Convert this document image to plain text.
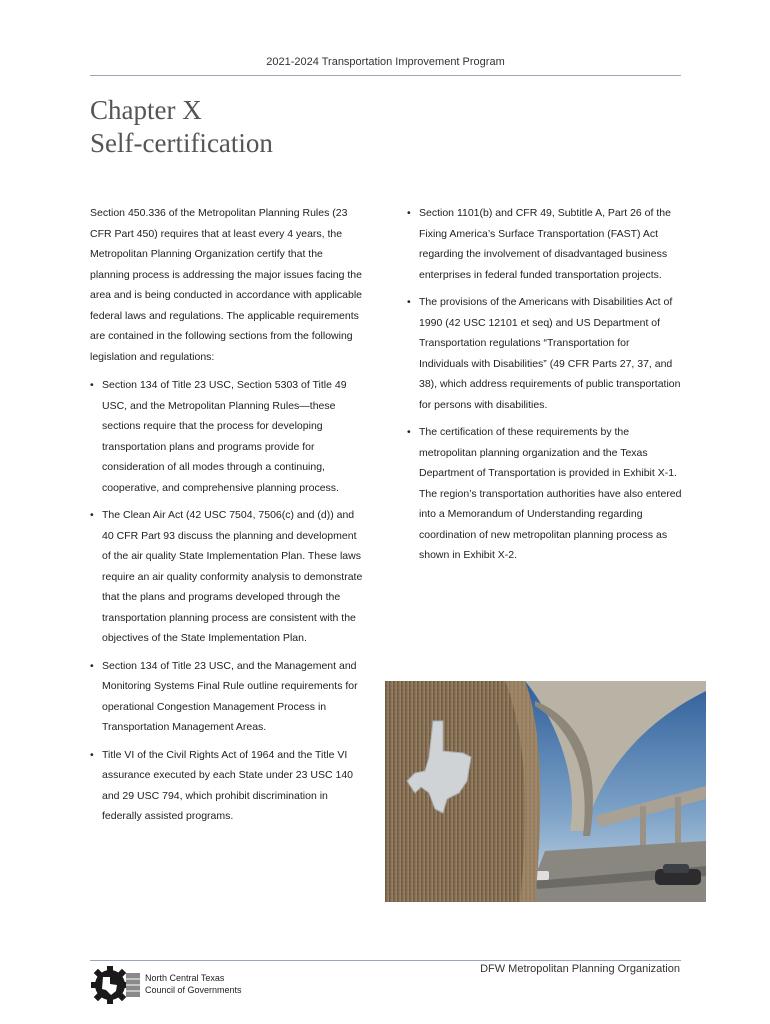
2021-2024 Transportation Improvement Program
Chapter X
Self-certification

Section 450.336 of the Metropolitan Planning Rules (23 CFR Part 450) requires that at least every 4 years, the Metropolitan Planning Organization certify that the planning process is addressing the major issues facing the area and is being conducted in accordance with applicable federal laws and regulations. The applicable requirements are contained in the following sections from the following legislation and regulations:

• Section 134 of Title 23 USC, Section 5303 of Title 49 USC, and the Metropolitan Planning Rules—these sections require that the process for developing transportation plans and programs provide for consideration of all modes through a continuing, cooperative, and comprehensive planning process.
• The Clean Air Act (42 USC 7504, 7506(c) and (d)) and 40 CFR Part 93 discuss the planning and development of the air quality State Implementation Plan. These laws require an air quality conformity analysis to demonstrate that the plans and programs developed through the transportation planning process are consistent with the objectives of the State Implementation Plan.
• Section 134 of Title 23 USC, and the Management and Monitoring Systems Final Rule outline requirements for operational Congestion Management Process in Transportation Management Areas.
• Title VI of the Civil Rights Act of 1964 and the Title VI assurance executed by each State under 23 USC 140 and 29 USC 794, which prohibit discrimination in federally assisted programs.
• Section 1101(b) and CFR 49, Subtitle A, Part 26 of the Fixing America’s Surface Transportation (FAST) Act regarding the involvement of disadvantaged business enterprises in federal funded transportation projects.
• The provisions of the Americans with Disabilities Act of 1990 (42 USC 12101 et seq) and US Department of Transportation regulations “Transportation for Individuals with Disabilities” (49 CFR Parts 27, 37, and 38), which address requirements of public transportation for persons with disabilities.
• The certification of these requirements by the metropolitan planning organization and the Texas Department of Transportation is provided in Exhibit X-1. The region’s transportation authorities have also entered into a Memorandum of Understanding regarding coordination of new metropolitan planning process as shown in Exhibit X-2.
North Central Texas
Council of Governments
DFW Metropolitan Planning Organization
